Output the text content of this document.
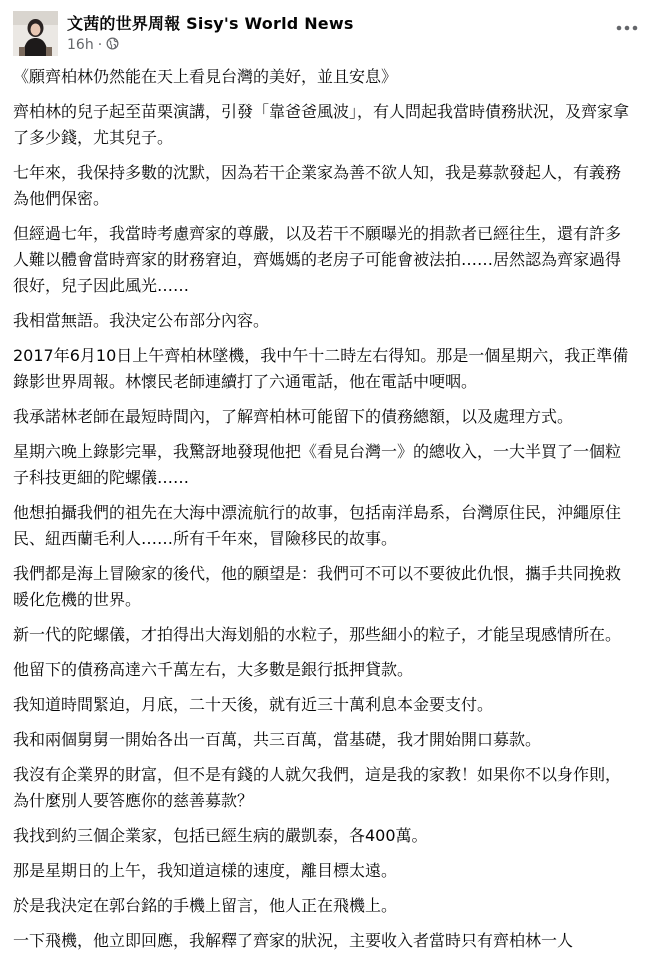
文茜的世界周報 Sisy's World News
16h ·

《願齊柏林仍然能在天上看見台灣的美好，並且安息》

齊柏林的兒子起至苗栗演講，引發「靠爸爸風波」，有人問起我當時債務狀況，及齊家拿
了多少錢，尤其兒子。

七年來，我保持多數的沈默，因為若干企業家為善不欲人知，我是募款發起人，有義務
為他們保密。

但經過七年，我當時考慮齊家的尊嚴，以及若干不願曝光的捐款者已經往生，還有許多
人難以體會當時齊家的財務窘迫，齊媽媽的老房子可能會被法拍……居然認為齊家過得
很好，兒子因此風光……

我相當無語。我決定公布部分內容。

2017年6月10日上午齊柏林墜機，我中午十二時左右得知。那是一個星期六，我正準備
錄影世界周報。林懷民老師連續打了六通電話，他在電話中哽咽。

我承諾林老師在最短時間內，了解齊柏林可能留下的債務總額，以及處理方式。

星期六晚上錄影完畢，我驚訝地發現他把《看見台灣一》的總收入，一大半買了一個粒
子科技更細的陀螺儀……

他想拍攝我們的祖先在大海中漂流航行的故事，包括南洋島系，台灣原住民，沖繩原住
民、紐西蘭毛利人……所有千年來，冒險移民的故事。

我們都是海上冒險家的後代，他的願望是：我們可不可以不要彼此仇恨，攜手共同挽救
暖化危機的世界。

新一代的陀螺儀，才拍得出大海划船的水粒子，那些細小的粒子，才能呈現感情所在。

他留下的債務高達六千萬左右，大多數是銀行抵押貸款。

我知道時間緊迫，月底，二十天後，就有近三十萬利息本金要支付。

我和兩個舅舅一開始各出一百萬，共三百萬，當基礎，我才開始開口募款。

我沒有企業界的財富，但不是有錢的人就欠我們，這是我的家教！如果你不以身作則，
為什麼別人要答應你的慈善募款？

我找到約三個企業家，包括已經生病的嚴凱泰，各400萬。

那是星期日的上午，我知道這樣的速度，離目標太遠。

於是我決定在郭台銘的手機上留言，他人正在飛機上。

一下飛機，他立即回應，我解釋了齊家的狀況，主要收入者當時只有齊柏林一人
